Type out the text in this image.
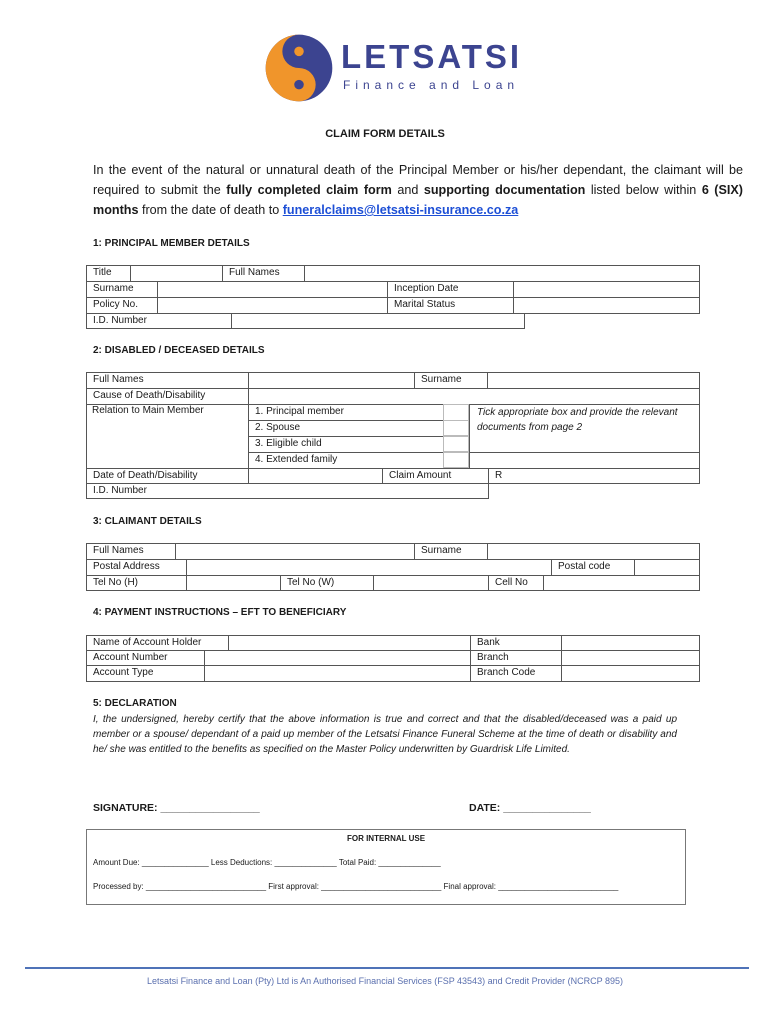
LETSATSI
Finance and Loan
CLAIM FORM DETAILS

In the event of the natural or unnatural death of the Principal Member or his/her dependant, the claimant will be required to submit the fully completed claim form and supporting documentation listed below within 6 (SIX) months from the date of death to funeralclaims@letsatsi-insurance.co.za

1: PRINCIPAL MEMBER DETAILS
Title	Full Names
Surname	Inception Date
Policy No.	Marital Status
I.D. Number
2: DISABLED / DECEASED DETAILS
Full Names	Surname
Cause of Death/Disability
Relation to Main Member	1. Principal member
2. Spouse
3. Eligible child
4. Extended family
Tick appropriate box and provide the relevant documents from page 2
Date of Death/Disability	Claim Amount	R
I.D. Number
3: CLAIMANT DETAILS
Full Names	Surname
Postal Address	Postal code
Tel No (H)	Tel No (W)	Cell No
4: PAYMENT INSTRUCTIONS – EFT TO BENEFICIARY
Name of Account Holder	Bank
Account Number	Branch
Account Type	Branch Code
5: DECLARATION

I, the undersigned, hereby certify that the above information is true and correct and that the disabled/deceased was a paid up member or a spouse/ dependant of a paid up member of the Letsatsi Finance Funeral Scheme at the time of death or disability and he/ she was entitled to the benefits as specified on the Master Policy underwritten by Guardrisk Life Limited.

SIGNATURE: _________________	DATE: _______________
FOR INTERNAL USE
Amount Due: _______________ Less Deductions: ______________ Total Paid: ______________
Processed by: ___________________________ First approval: ___________________________ Final approval: ___________________________
Letsatsi Finance and Loan (Pty) Ltd is An Authorised Financial Services (FSP 43543) and Credit Provider (NCRCP 895)
